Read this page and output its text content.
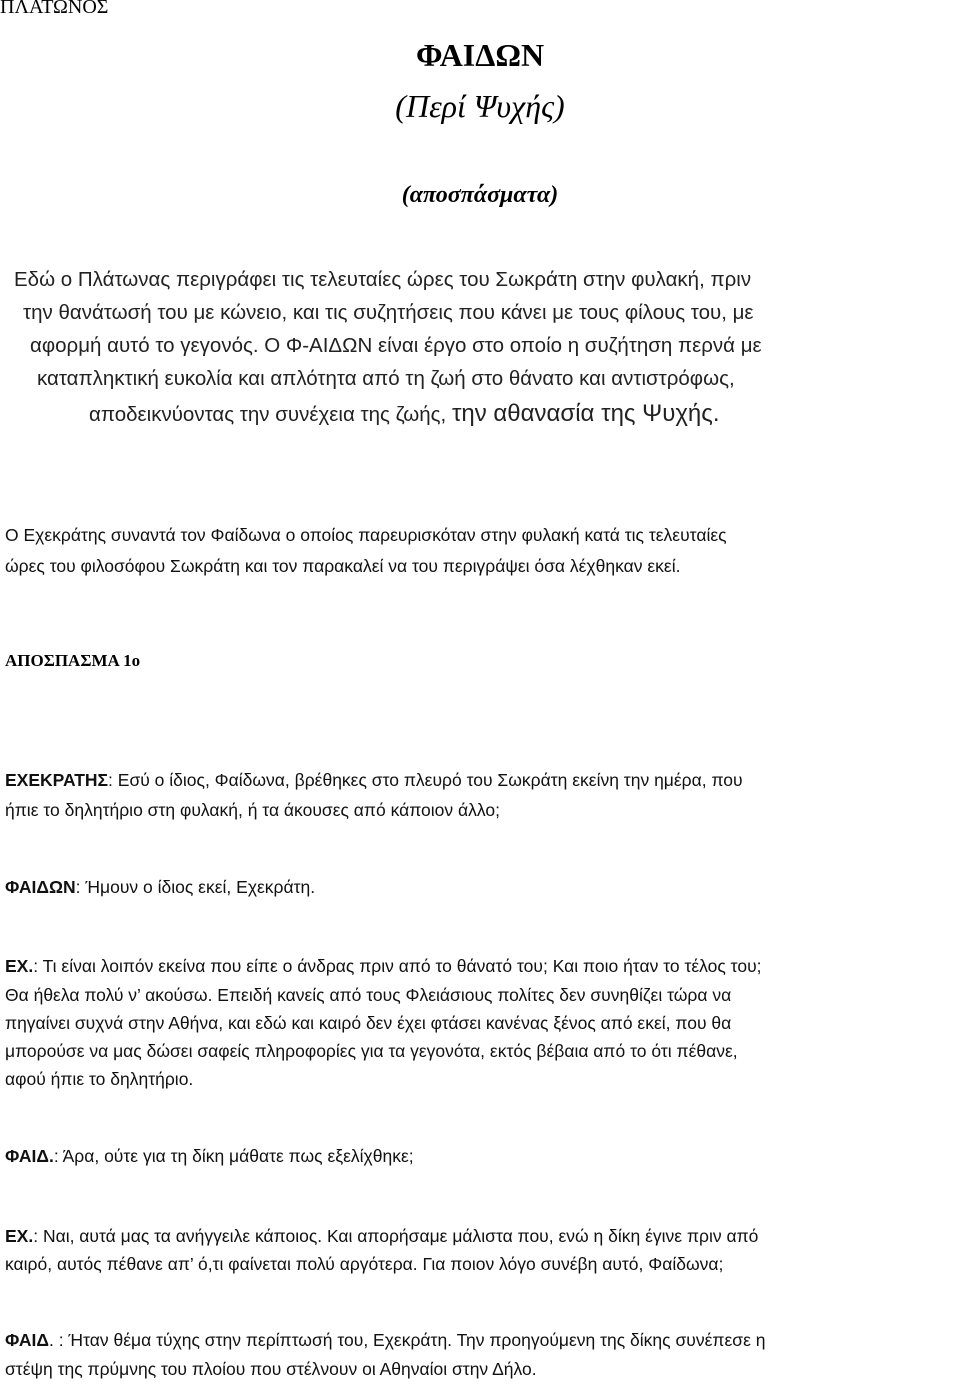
ΠΛΑΤΩΝΟΣ
ΦΑΙΔΩΝ
(Περί Ψυχής)
(αποσπάσματα)
Εδώ ο Πλάτωνας περιγράφει τις τελευταίες ώρες του Σωκράτη στην φυλακή, πριν
την θανάτωσή του με κώνειο, και τις συζητήσεις που κάνει με τους φίλους του, με
αφορμή αυτό το γεγονός. Ο Φ-ΑΙΔΩΝ είναι έργο στο οποίο η συζήτηση περνά με
καταπληκτική ευκολία και απλότητα από τη ζωή στο θάνατο και αντιστρόφως,
αποδεικνύοντας την συνέχεια της ζωής, την αθανασία της Ψυχής.
Ο Εχεκράτης συναντά τον Φαίδωνα ο οποίος παρευρισκόταν στην φυλακή κατά τις τελευταίες
ώρες του φιλοσόφου Σωκράτη και τον παρακαλεί να του περιγράψει όσα λέχθηκαν εκεί.
ΑΠΟΣΠΑΣΜΑ 1ο
ΕΧΕΚΡΑΤΗΣ: Εσύ ο ίδιος, Φαίδωνα, βρέθηκες στο πλευρό του Σωκράτη εκείνη την ημέρα, που
ήπιε το δηλητήριο στη φυλακή, ή τα άκουσες από κάποιον άλλο;
ΦΑΙΔΩΝ: Ήμουν ο ίδιος εκεί, Εχεκράτη.
ΕΧ.: Τι είναι λοιπόν εκείνα που είπε ο άνδρας πριν από το θάνατό του; Και ποιο ήταν το τέλος του;
Θα ήθελα πολύ ν’ ακούσω. Επειδή κανείς από τους Φλειάσιους πολίτες δεν συνηθίζει τώρα να
πηγαίνει συχνά στην Αθήνα, και εδώ και καιρό δεν έχει φτάσει κανένας ξένος από εκεί, που θα
μπορούσε να μας δώσει σαφείς πληροφορίες για τα γεγονότα, εκτός βέβαια από το ότι πέθανε,
αφού ήπιε το δηλητήριο.
ΦΑΙΔ.: Άρα, ούτε για τη δίκη μάθατε πως εξελίχθηκε;
ΕΧ.: Ναι, αυτά μας τα ανήγγειλε κάποιος. Και απορήσαμε μάλιστα που, ενώ η δίκη έγινε πριν από
καιρό, αυτός πέθανε απ’ ό,τι φαίνεται πολύ αργότερα. Για ποιον λόγο συνέβη αυτό, Φαίδωνα;
ΦΑΙΔ. : Ήταν θέμα τύχης στην περίπτωσή του, Εχεκράτη. Την προηγούμενη της δίκης συνέπεσε η
στέψη της πρύμνης του πλοίου που στέλνουν οι Αθηναίοι στην Δήλο.
